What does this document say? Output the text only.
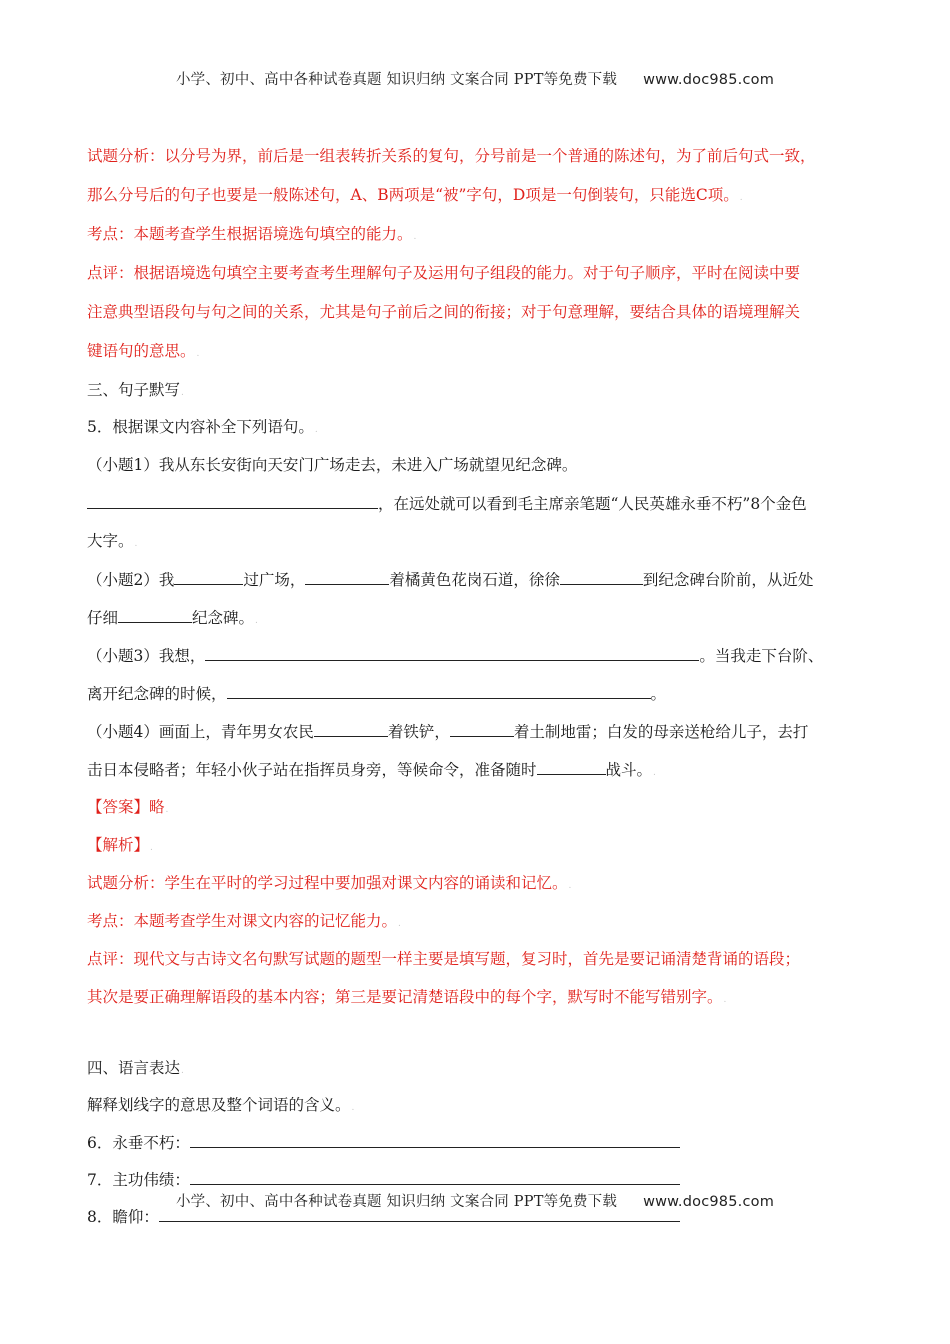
小学、初中、高中各种试卷真题 知识归纳 文案合同 PPT等免费下载 www.doc985.com
试题分析：以分号为界，前后是一组表转折关系的复句，分号前是一个普通的陈述句，为了前后句式一致，
那么分号后的句子也要是一般陈述句，A、B两项是“被”字句，D项是一句倒装句，只能选C项。.
考点：本题考查学生根据语境选句填空的能力。.
点评：根据语境选句填空主要考查考生理解句子及运用句子组段的能力。对于句子顺序，平时在阅读中要
注意典型语段句与句之间的关系，尤其是句子前后之间的衔接；对于句意理解，要结合具体的语境理解关
键语句的意思。.
三、句子默写.
5．根据课文内容补全下列语句。.
（小题1）我从东长安街向天安门广场走去，未进入广场就望见纪念碑。
，在远处就可以看到毛主席亲笔题“人民英雄永垂不朽”8个金色
大字。.
（小题2）我	过广场，	着橘黄色花岗石道，徐徐	到纪念碑台阶前，从近处
仔细	纪念碑。.
（小题3）我想，	。当我走下台阶、
离开纪念碑的时候，	。
（小题4）画面上，青年男女农民	着铁铲，	着土制地雷；白发的母亲送枪给儿子，去打
击日本侵略者；年轻小伙子站在指挥员身旁，等候命令，准备随时	战斗。.
【答案】略.
【解析】.
试题分析：学生在平时的学习过程中要加强对课文内容的诵读和记忆。.
考点：本题考查学生对课文内容的记忆能力。.
点评：现代文与古诗文名句默写试题的题型一样主要是填写题，复习时，首先是要记诵清楚背诵的语段；
其次是要正确理解语段的基本内容；第三是要记清楚语段中的每个字，默写时不能写错别字。.
四、语言表达.
解释划线字的意思及整个词语的含义。.
6．永垂不朽：
7．主功伟绩：
8．瞻仰：
小学、初中、高中各种试卷真题 知识归纳 文案合同 PPT等免费下载 www.doc985.com
